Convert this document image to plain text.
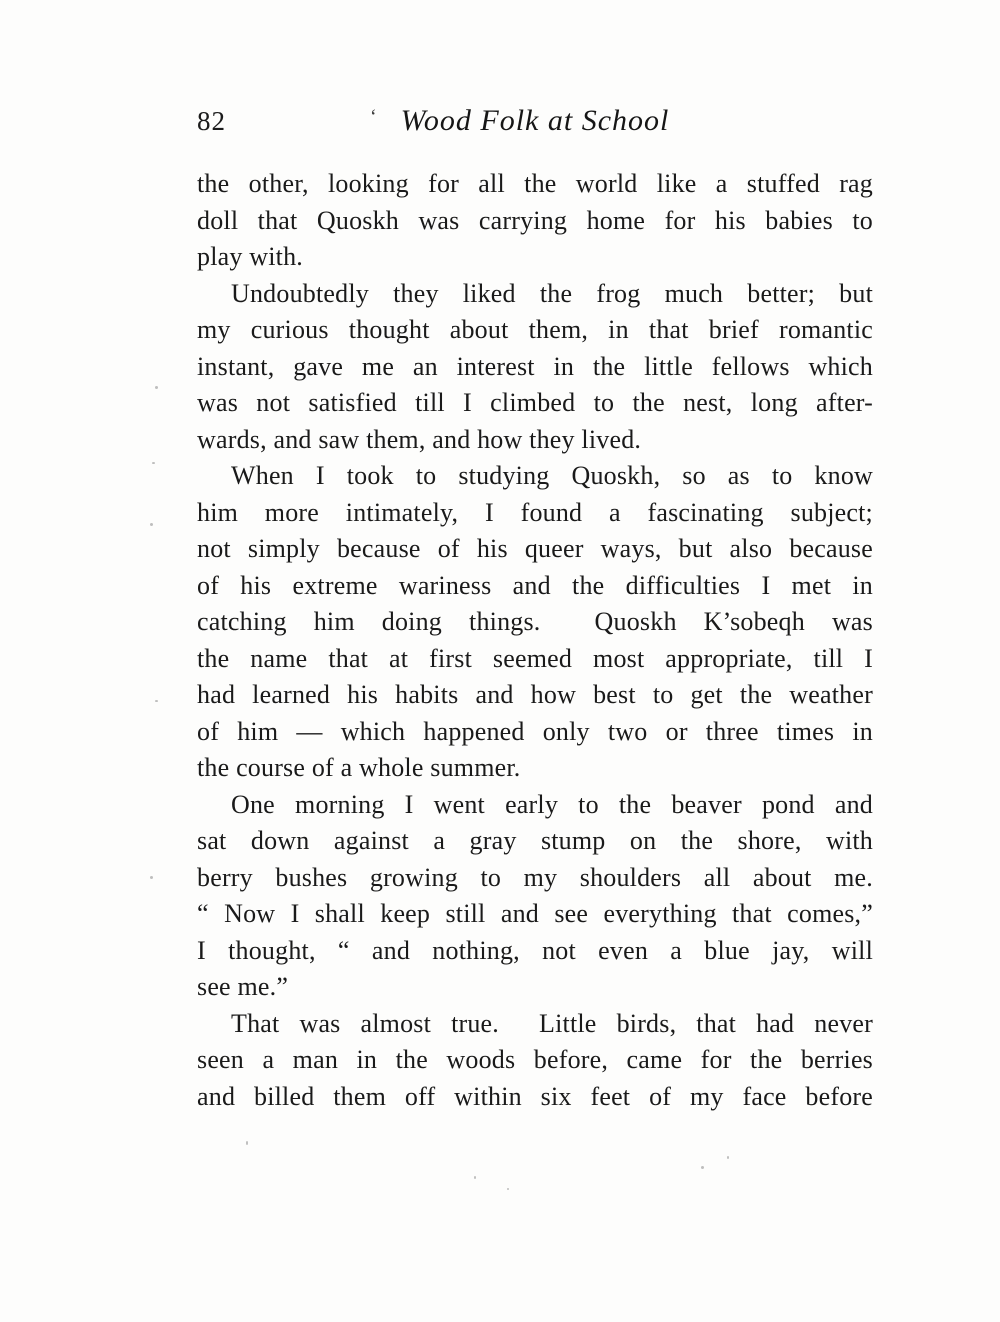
82	Wood Folk at School
‘
the other, looking for all the world like a stuffed rag
doll that Quoskh was carrying home for his babies to
play with.
Undoubtedly they liked the frog much better; but
my curious thought about them, in that brief romantic
instant, gave me an interest in the little fellows which
was not satisfied till I climbed to the nest, long after-
wards, and saw them, and how they lived.
When I took to studying Quoskh, so as to know
him more intimately, I found a fascinating subject;
not simply because of his queer ways, but also because
of his extreme wariness and the difficulties I met in
catching him doing things.  Quoskh K’sobeqh was
the name that at first seemed most appropriate, till I
had learned his habits and how best to get the weather
of him — which happened only two or three times in
the course of a whole summer.
One morning I went early to the beaver pond and
sat down against a gray stump on the shore, with
berry bushes growing to my shoulders all about me.
“ Now I shall keep still and see everything that comes,”
I thought, “ and nothing, not even a blue jay, will
see me.”
That was almost true.  Little birds, that had never
seen a man in the woods before, came for the berries
and billed them off within six feet of my face before
